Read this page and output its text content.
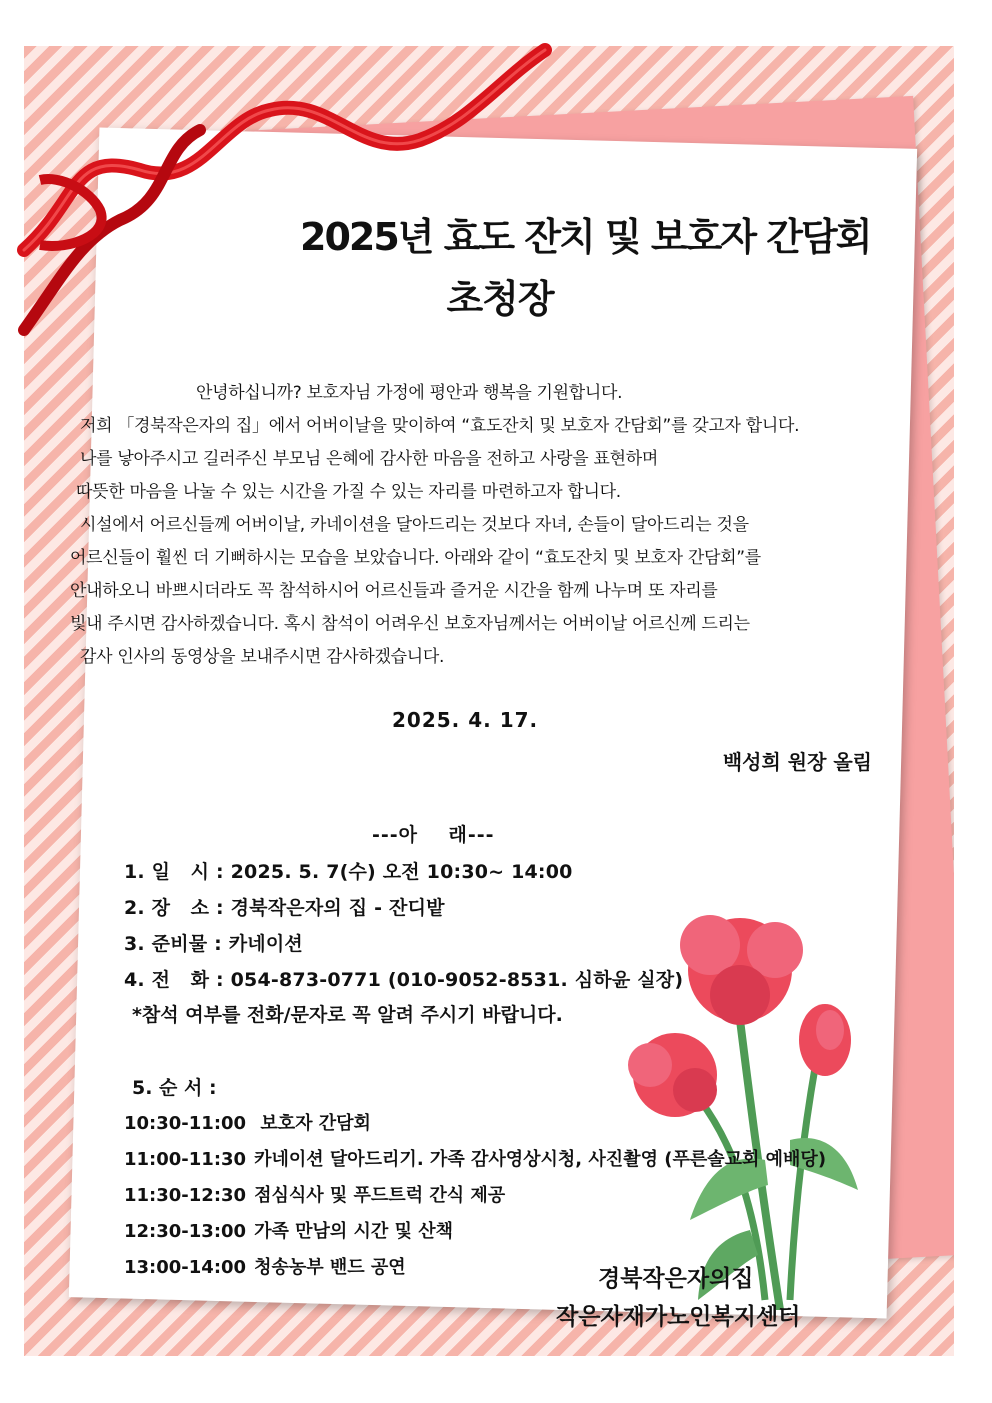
2025년 효도 잔치 및 보호자 간담회
초청장
안녕하십니까? 보호자님 가정에 평안과 행복을 기원합니다.
저희 「경북작은자의 집」에서 어버이날을 맞이하여 “효도잔치 및 보호자 간담회”를 갖고자 합니다.
나를 낳아주시고 길러주신 부모님 은혜에 감사한 마음을 전하고 사랑을 표현하며
따뜻한 마음을 나눌 수 있는 시간을 가질 수 있는 자리를 마련하고자 합니다.
시설에서 어르신들께 어버이날, 카네이션을 달아드리는 것보다 자녀, 손들이 달아드리는 것을
어르신들이 훨씬 더 기뻐하시는 모습을 보았습니다. 아래와 같이 “효도잔치 및 보호자 간담회”를
안내하오니 바쁘시더라도 꼭 참석하시어 어르신들과 즐거운 시간을 함께 나누며 또 자리를
빛내 주시면 감사하겠습니다. 혹시 참석이 어려우신 보호자님께서는 어버이날 어르신께 드리는
감사 인사의 동영상을 보내주시면 감사하겠습니다.
2025. 4. 17.
백성희 원장 올림
---아    래---
1. 일   시 : 2025. 5. 7(수) 오전 10:30~ 14:00
2. 장   소 : 경북작은자의 집 - 잔디밭
3. 준비물 : 카네이션
4. 전   화 : 054-873-0771 (010-9052-8531. 심하윤 실장)
*참석 여부를 전화/문자로 꼭 알려 주시기 바랍니다.
5. 순 서 :
10:30-11:00 보호자 간담회
11:00-11:30 카네이션 달아드리기. 가족 감사영상시청, 사진촬영 (푸른솔교회 예배당)
11:30-12:30 점심식사 및 푸드트럭 간식 제공
12:30-13:00 가족 만남의 시간 및 산책
13:00-14:00 청송농부 밴드 공연	경북작은자의집
작은자재가노인복지센터
